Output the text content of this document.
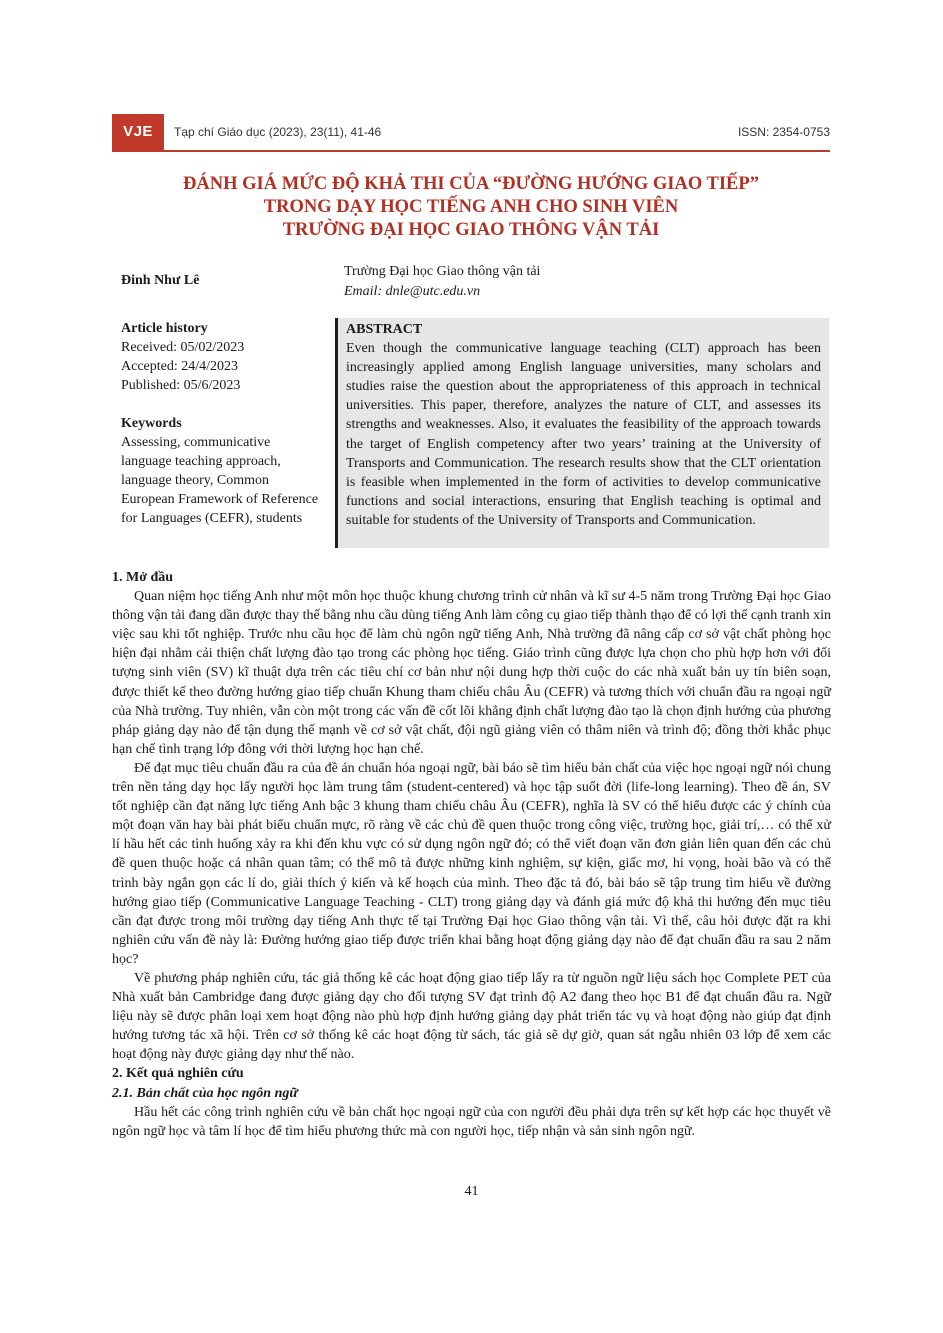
VJE	Tạp chí Giáo dục (2023), 23(11), 41-46	ISSN: 2354-0753
ĐÁNH GIÁ MỨC ĐỘ KHẢ THI CỦA “ĐƯỜNG HƯỚNG GIAO TIẾP”
TRONG DẠY HỌC TIẾNG ANH CHO SINH VIÊN
TRƯỜNG ĐẠI HỌC GIAO THÔNG VẬN TẢI
Đinh Như Lê
Trường Đại học Giao thông vận tải
Email: dnle@utc.edu.vn
Article history
Received: 05/02/2023
Accepted: 24/4/2023
Published: 05/6/2023
Keywords
Assessing, communicative language teaching approach, language theory, Common European Framework of Reference for Languages (CEFR), students
ABSTRACT
Even though the communicative language teaching (CLT) approach has been increasingly applied among English language universities, many scholars and studies raise the question about the appropriateness of this approach in technical universities. This paper, therefore, analyzes the nature of CLT, and assesses its strengths and weaknesses. Also, it evaluates the feasibility of the approach towards the target of English competency after two years’ training at the University of Transports and Communication. The research results show that the CLT orientation is feasible when implemented in the form of activities to develop communicative functions and social interactions, ensuring that English teaching is optimal and suitable for students of the University of Transports and Communication.
1. Mở đầu

Quan niệm học tiếng Anh như một môn học thuộc khung chương trình cử nhân và kĩ sư 4-5 năm trong Trường Đại học Giao thông vận tải đang dần được thay thế bằng nhu cầu dùng tiếng Anh làm công cụ giao tiếp thành thạo để có lợi thế cạnh tranh xin việc sau khi tốt nghiệp. Trước nhu cầu học để làm chủ ngôn ngữ tiếng Anh, Nhà trường đã nâng cấp cơ sở vật chất phòng học hiện đại nhằm cải thiện chất lượng đào tạo trong các phòng học tiếng. Giáo trình cũng được lựa chọn cho phù hợp hơn với đối tượng sinh viên (SV) kĩ thuật dựa trên các tiêu chí cơ bản như nội dung hợp thời cuộc do các nhà xuất bản uy tín biên soạn, được thiết kế theo đường hướng giao tiếp chuẩn Khung tham chiếu châu Âu (CEFR) và tương thích với chuẩn đầu ra ngoại ngữ của Nhà trường. Tuy nhiên, vẫn còn một trong các vấn đề cốt lõi khẳng định chất lượng đào tạo là chọn định hướng của phương pháp giảng dạy nào để tận dụng thế mạnh về cơ sở vật chất, đội ngũ giảng viên có thâm niên và trình độ; đồng thời khắc phục hạn chế tình trạng lớp đông với thời lượng học hạn chế.

Để đạt mục tiêu chuẩn đầu ra của đề án chuẩn hóa ngoại ngữ, bài báo sẽ tìm hiểu bản chất của việc học ngoại ngữ nói chung trên nền tảng dạy học lấy người học làm trung tâm (student-centered) và học tập suốt đời (life-long learning). Theo đề án, SV tốt nghiệp cần đạt năng lực tiếng Anh bậc 3 khung tham chiếu châu Âu (CEFR), nghĩa là SV có thể hiểu được các ý chính của một đoạn văn hay bài phát biểu chuẩn mực, rõ ràng về các chủ đề quen thuộc trong công việc, trường học, giải trí,… có thể xử lí hầu hết các tình huống xảy ra khi đến khu vực có sử dụng ngôn ngữ đó; có thể viết đoạn văn đơn giản liên quan đến các chủ đề quen thuộc hoặc cá nhân quan tâm; có thể mô tả được những kinh nghiệm, sự kiện, giấc mơ, hi vọng, hoài bão và có thể trình bày ngắn gọn các lí do, giải thích ý kiến và kế hoạch của mình. Theo đặc tả đó, bài báo sẽ tập trung tìm hiểu về đường hướng giao tiếp (Communicative Language Teaching - CLT) trong giảng dạy và đánh giá mức độ khả thi hướng đến mục tiêu cần đạt được trong môi trường dạy tiếng Anh thực tế tại Trường Đại học Giao thông vận tải. Vì thế, câu hỏi được đặt ra khi nghiên cứu vấn đề này là: Đường hướng giao tiếp được triển khai bằng hoạt động giảng dạy nào để đạt chuẩn đầu ra sau 2 năm học?

Về phương pháp nghiên cứu, tác giả thống kê các hoạt động giao tiếp lấy ra từ nguồn ngữ liệu sách học Complete PET của Nhà xuất bản Cambridge đang được giảng dạy cho đối tượng SV đạt trình độ A2 đang theo học B1 để đạt chuẩn đầu ra. Ngữ liệu này sẽ được phân loại xem hoạt động nào phù hợp định hướng giảng dạy phát triển tác vụ và hoạt động nào giúp đạt định hướng tương tác xã hội. Trên cơ sở thống kê các hoạt động từ sách, tác giả sẽ dự giờ, quan sát ngẫu nhiên 03 lớp để xem các hoạt động này được giảng dạy như thế nào.

2. Kết quả nghiên cứu
2.1. Bản chất của học ngôn ngữ

Hầu hết các công trình nghiên cứu về bản chất học ngoại ngữ của con người đều phải dựa trên sự kết hợp các học thuyết về ngôn ngữ học và tâm lí học để tìm hiểu phương thức mà con người học, tiếp nhận và sản sinh ngôn ngữ.

41
